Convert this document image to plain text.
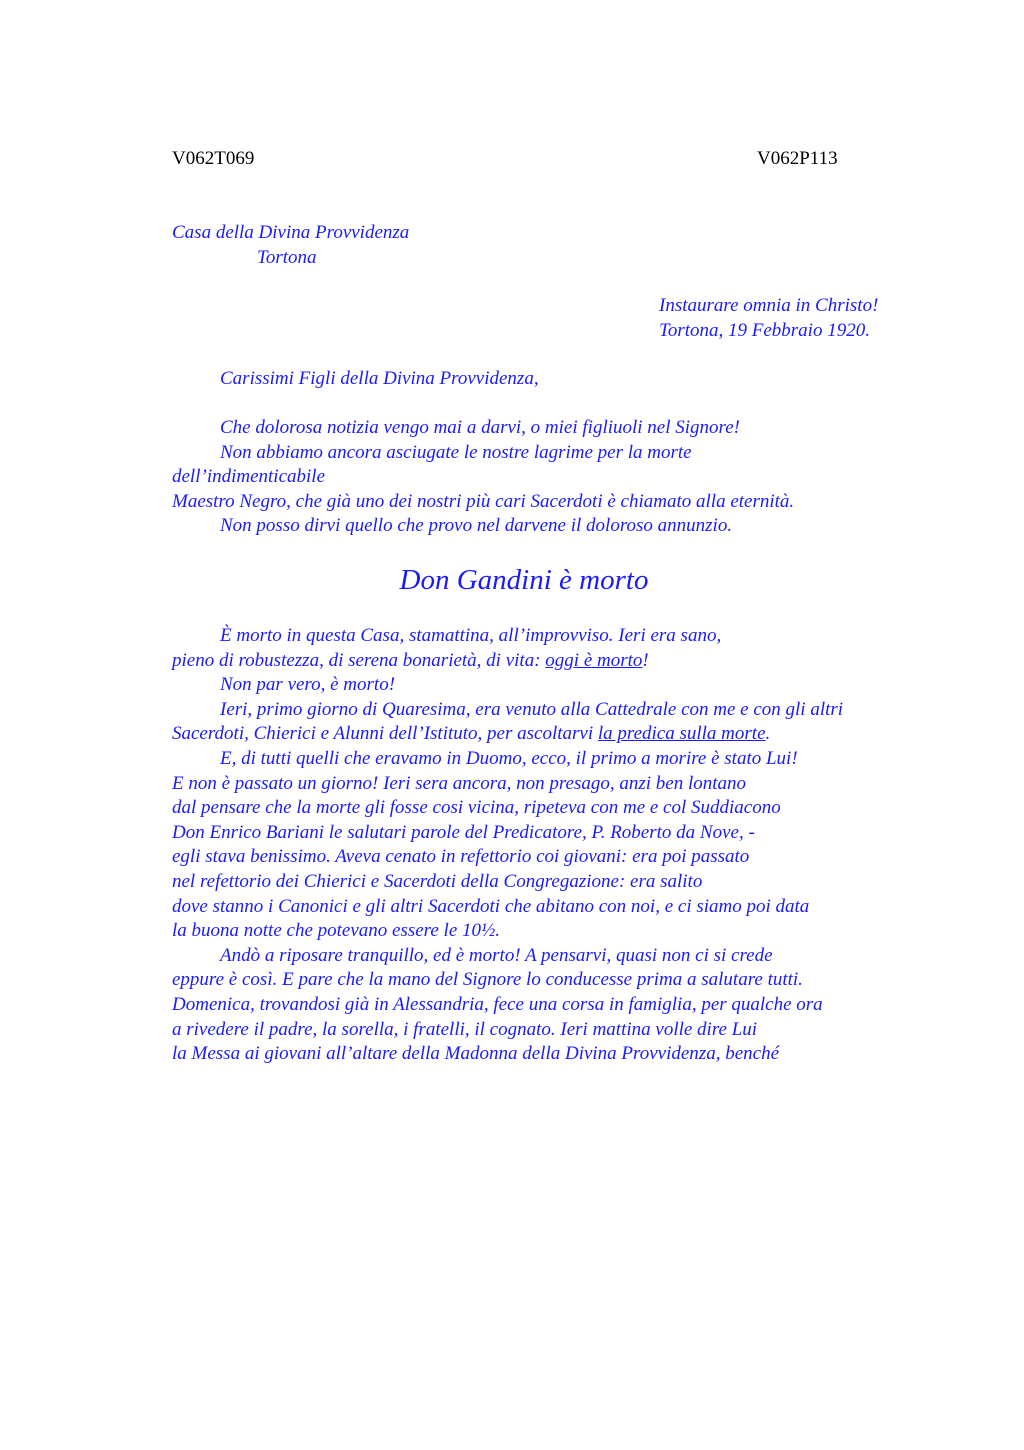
V062T069	V062P113
Casa della Divina Provvidenza
Tortona
Instaurare omnia in Christo!
Tortona, 19 Febbraio 1920.
Carissimi Figli della Divina Provvidenza,
Che dolorosa notizia vengo mai a darvi, o miei figliuoli nel Signore!
Non abbiamo ancora asciugate le nostre lagrime per la morte
dell’indimenticabile
Maestro Negro, che già uno dei nostri più cari Sacerdoti è chiamato alla eternità.
Non posso dirvi quello che provo nel darvene il doloroso annunzio.
Don Gandini è morto
È morto in questa Casa, stamattina, all’improvviso. Ieri era sano,
pieno di robustezza, di serena bonarietà, di vita: oggi è morto!
Non par vero, è morto!
Ieri, primo giorno di Quaresima, era venuto alla Cattedrale con me e con gli altri
Sacerdoti, Chierici e Alunni dell’Istituto, per ascoltarvi la predica sulla morte.
E, di tutti quelli che eravamo in Duomo, ecco, il primo a morire è stato Lui!
E non è passato un giorno! Ieri sera ancora, non presago, anzi ben lontano
dal pensare che la morte gli fosse cosi vicina, ripeteva con me e col Suddiacono
Don Enrico Bariani le salutari parole del Predicatore, P. Roberto da Nove, -
egli stava benissimo. Aveva cenato in refettorio coi giovani: era poi passato
nel refettorio dei Chierici e Sacerdoti della Congregazione: era salito
dove stanno i Canonici e gli altri Sacerdoti che abitano con noi, e ci siamo poi data
la buona notte che potevano essere le 10½.
Andò a riposare tranquillo, ed è morto! A pensarvi, quasi non ci si crede
eppure è così. E pare che la mano del Signore lo conducesse prima a salutare tutti.
Domenica, trovandosi già in Alessandria, fece una corsa in famiglia, per qualche ora
a rivedere il padre, la sorella, i fratelli, il cognato. Ieri mattina volle dire Lui
la Messa ai giovani all’altare della Madonna della Divina Provvidenza, benché
